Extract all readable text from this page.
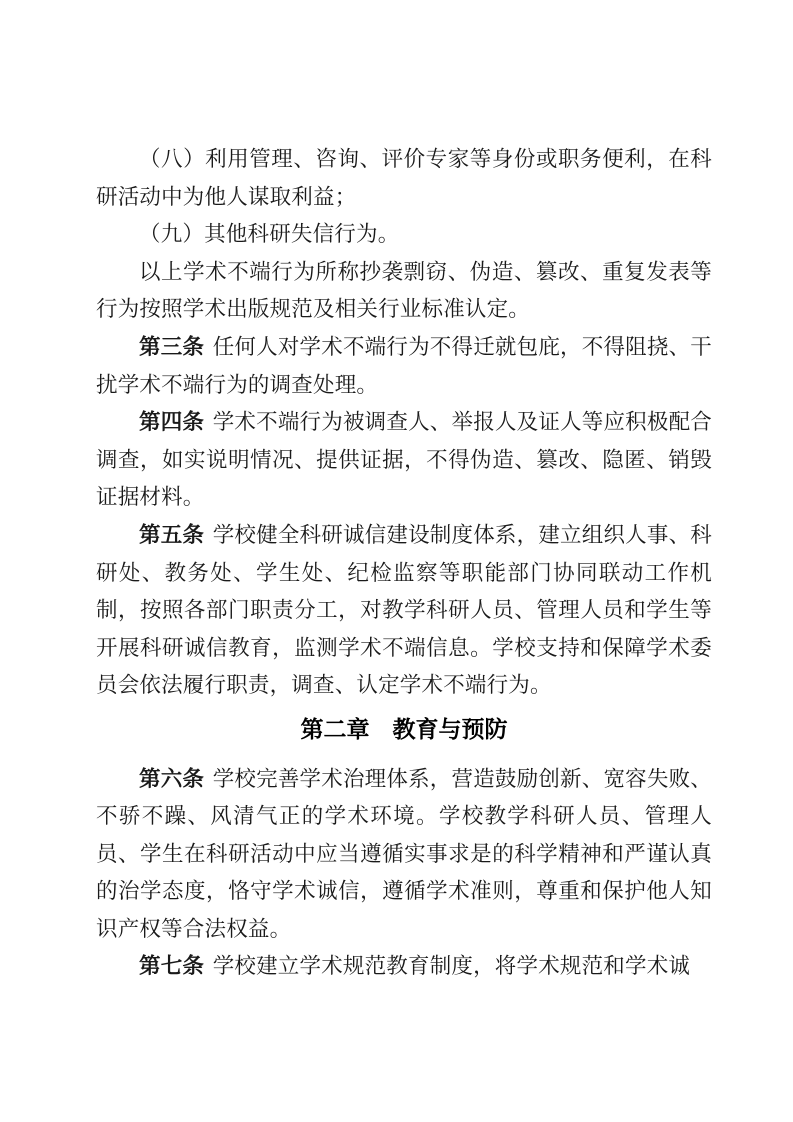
（八）利用管理、咨询、评价专家等身份或职务便利，在科研活动中为他人谋取利益；

（九）其他科研失信行为。

以上学术不端行为所称抄袭剽窃、伪造、篡改、重复发表等行为按照学术出版规范及相关行业标准认定。

第三条 任何人对学术不端行为不得迁就包庇，不得阻挠、干扰学术不端行为的调查处理。

第四条 学术不端行为被调查人、举报人及证人等应积极配合调查，如实说明情况、提供证据，不得伪造、篡改、隐匿、销毁证据材料。

第五条 学校健全科研诚信建设制度体系，建立组织人事、科研处、教务处、学生处、纪检监察等职能部门协同联动工作机制，按照各部门职责分工，对教学科研人员、管理人员和学生等开展科研诚信教育，监测学术不端信息。学校支持和保障学术委员会依法履行职责，调查、认定学术不端行为。

第二章　教育与预防

第六条 学校完善学术治理体系，营造鼓励创新、宽容失败、不骄不躁、风清气正的学术环境。学校教学科研人员、管理人员、学生在科研活动中应当遵循实事求是的科学精神和严谨认真的治学态度，恪守学术诚信，遵循学术准则，尊重和保护他人知识产权等合法权益。

第七条 学校建立学术规范教育制度，将学术规范和学术诚
